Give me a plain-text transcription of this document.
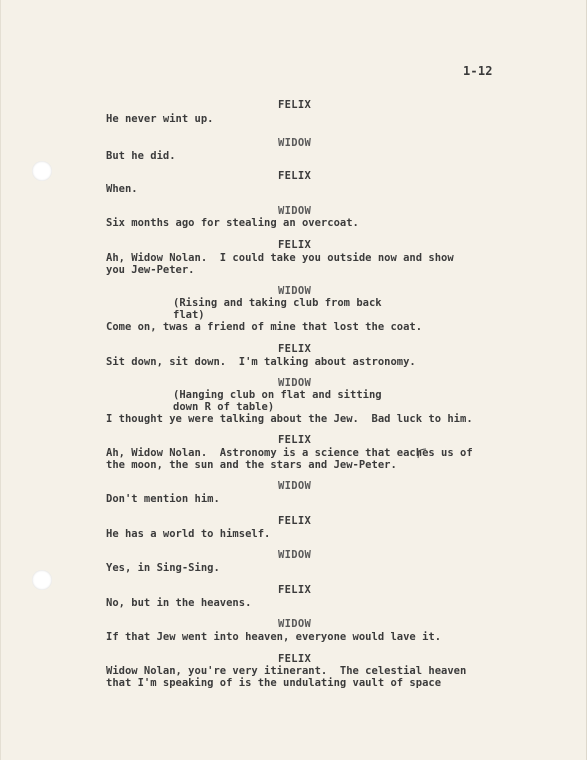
1-12
FELIX
He never wint up.
WIDOW
But he did.
FELIX
When.
WIDOW
Six months ago for stealing an overcoat.
FELIX
Ah, Widow Nolan.  I could take you outside now and show
you Jew-Peter.
WIDOW
(Rising and taking club from back
flat)
Come on, twas a friend of mine that lost the coat.
FELIX
Sit down, sit down.  I'm talking about astronomy.
WIDOW
(Hanging club on flat and sitting
down R of table)
I thought ye were talking about the Jew.  Bad luck to him.
FELIX
Ah, Widow Nolan.  Astronomy is a science that eaches us of
the moon, the sun and the stars and Jew-Peter.
WIDOW
Don't mention him.
FELIX
He has a world to himself.
WIDOW
Yes, in Sing-Sing.
FELIX
No, but in the heavens.
WIDOW
If that Jew went into heaven, everyone would lave it.
FELIX
Widow Nolan, you're very itinerant.  The celestial heaven
that I'm speaking of is the undulating vault of space
